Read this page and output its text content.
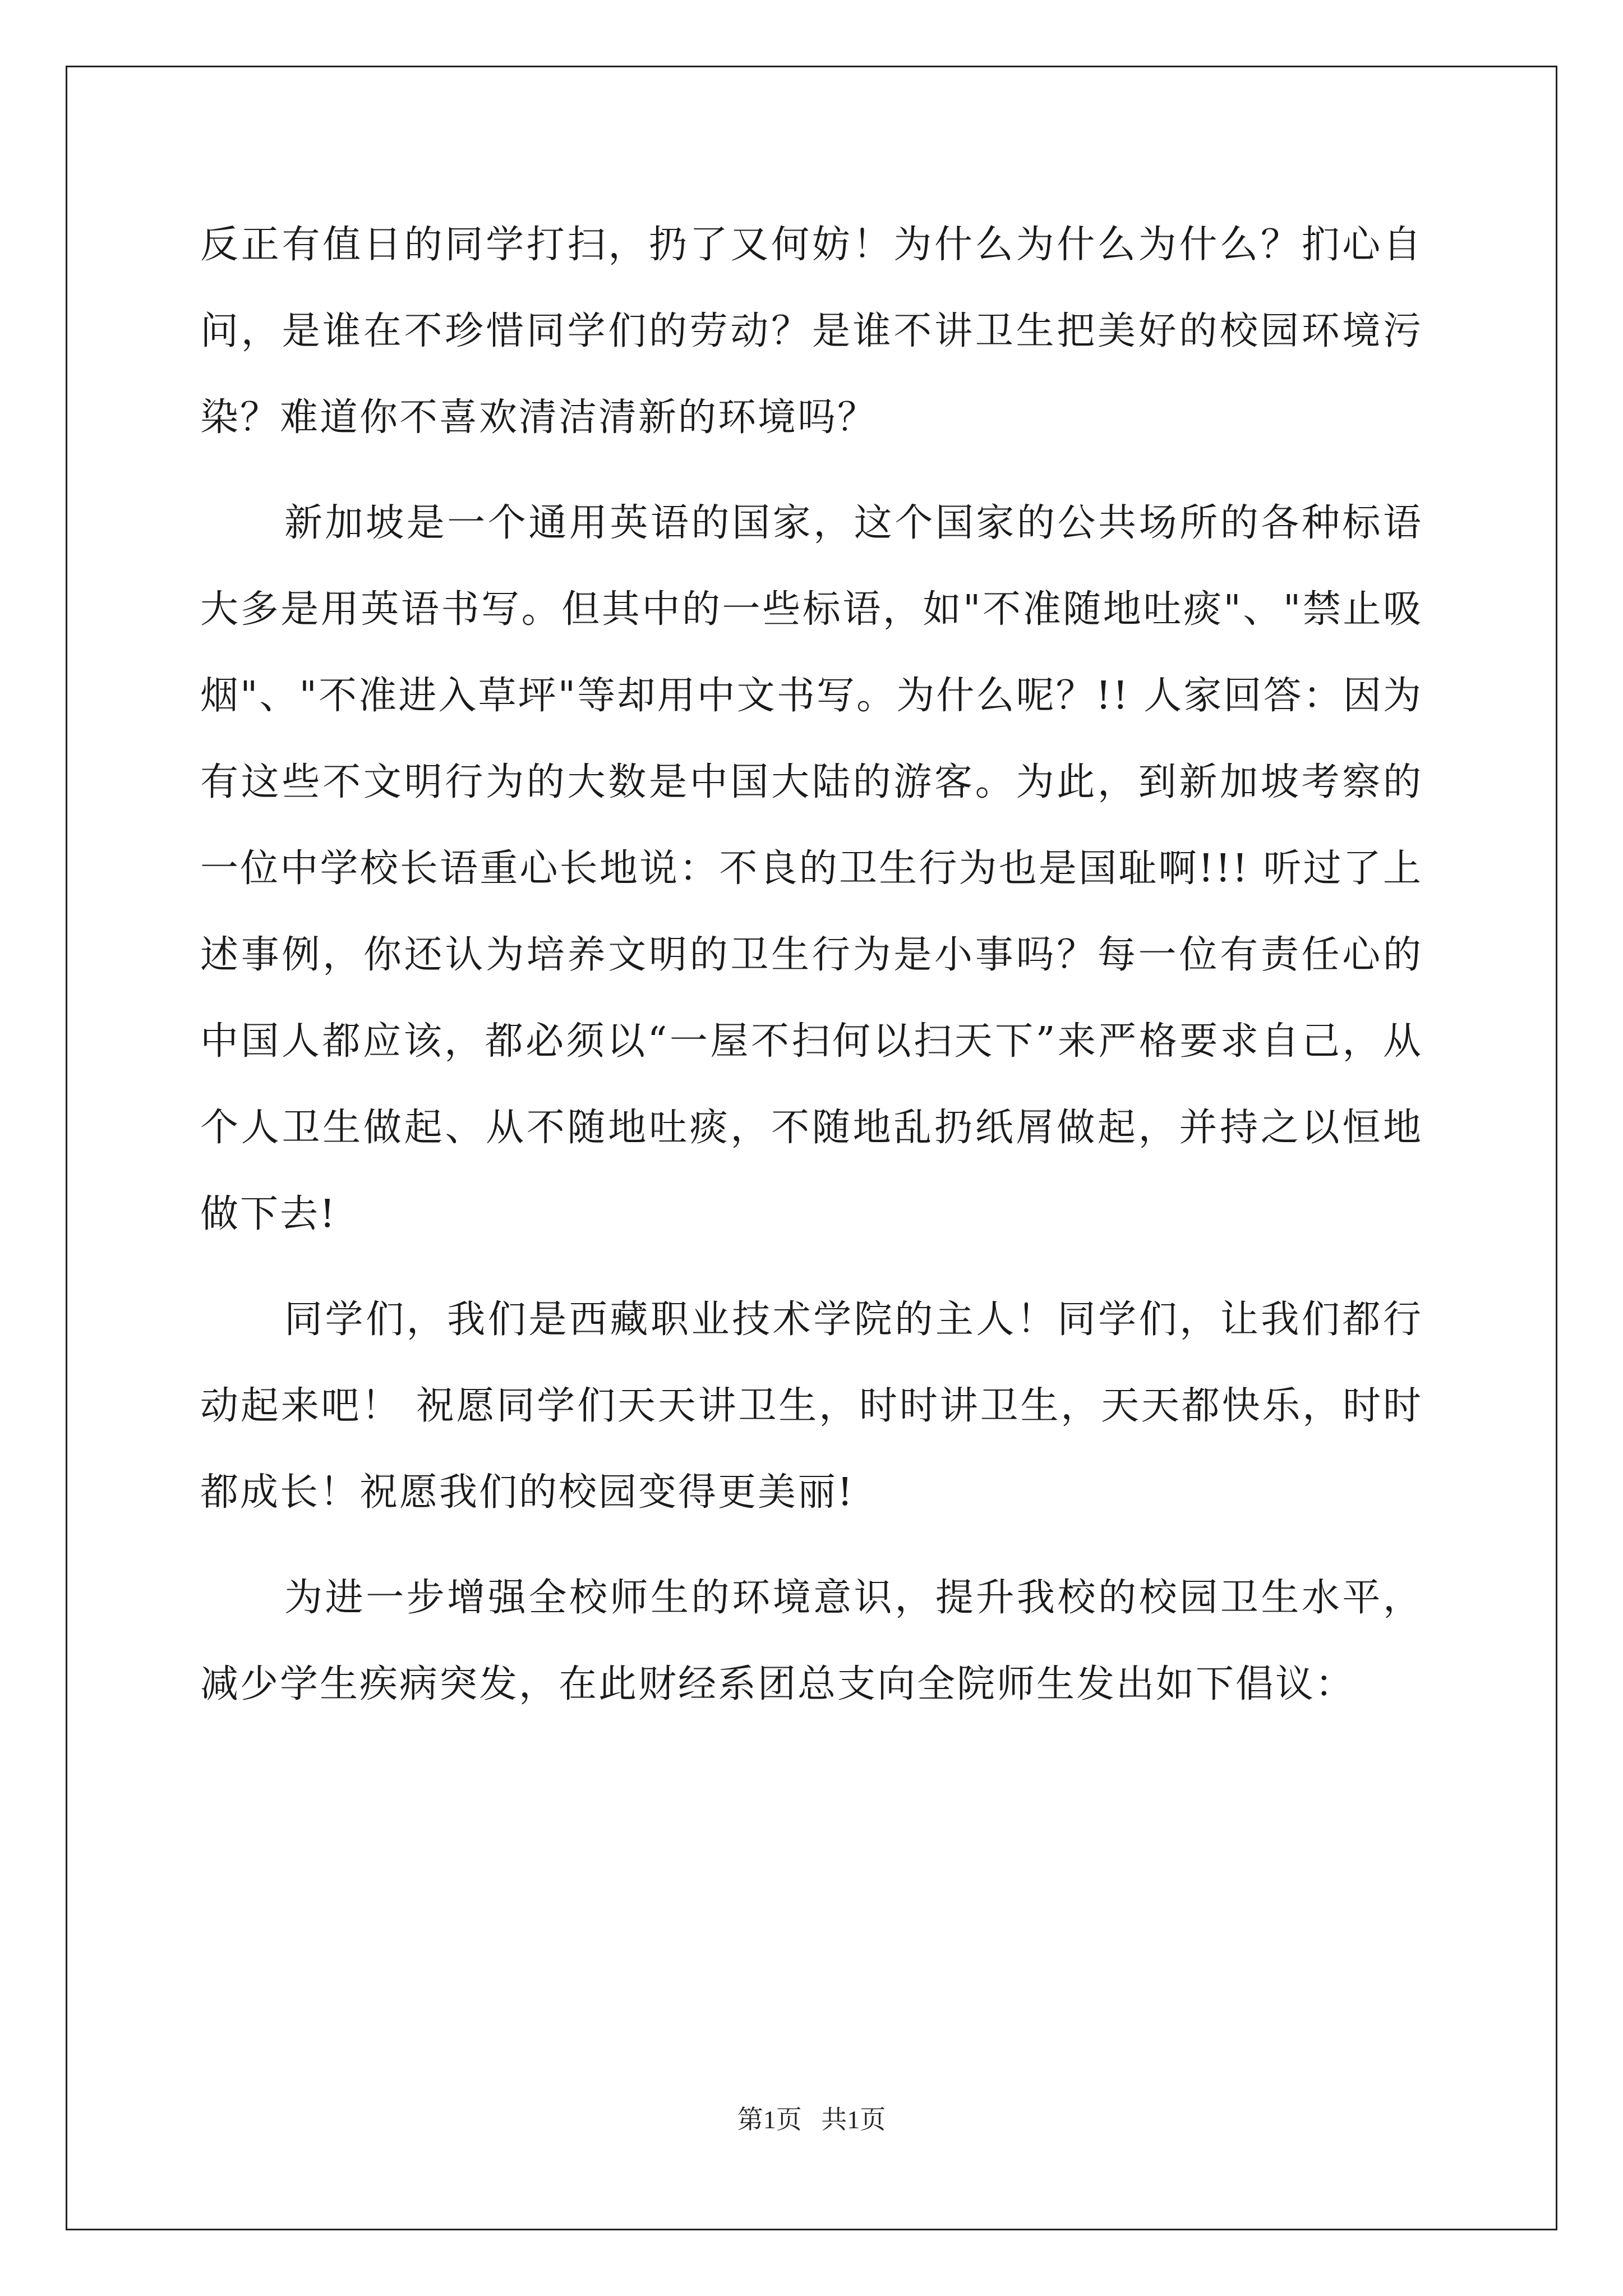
反正有值日的同学打扫，扔了又何妨！为什么为什么为什么？扪心自问，是谁在不珍惜同学们的劳动？是谁不讲卫生把美好的校园环境污染？难道你不喜欢清洁清新的环境吗？

新加坡是一个通用英语的国家，这个国家的公共场所的各种标语大多是用英语书写。但其中的一些标语，如"不准随地吐痰"、"禁止吸烟"、"不准进入草坪"等却用中文书写。为什么呢？!! 人家回答：因为有这些不文明行为的大数是中国大陆的游客。为此，到新加坡考察的一位中学校长语重心长地说：不良的卫生行为也是国耻啊!!! 听过了上述事例，你还认为培养文明的卫生行为是小事吗？每一位有责任心的中国人都应该，都必须以“一屋不扫何以扫天下”来严格要求自己，从个人卫生做起、从不随地吐痰，不随地乱扔纸屑做起，并持之以恒地做下去!

同学们，我们是西藏职业技术学院的主人！同学们，让我们都行动起来吧！ 祝愿同学们天天讲卫生，时时讲卫生，天天都快乐，时时都成长！祝愿我们的校园变得更美丽!

为进一步增强全校师生的环境意识，提升我校的校园卫生水平，减少学生疾病突发，在此财经系团总支向全院师生发出如下倡议：

第1页   共1页
